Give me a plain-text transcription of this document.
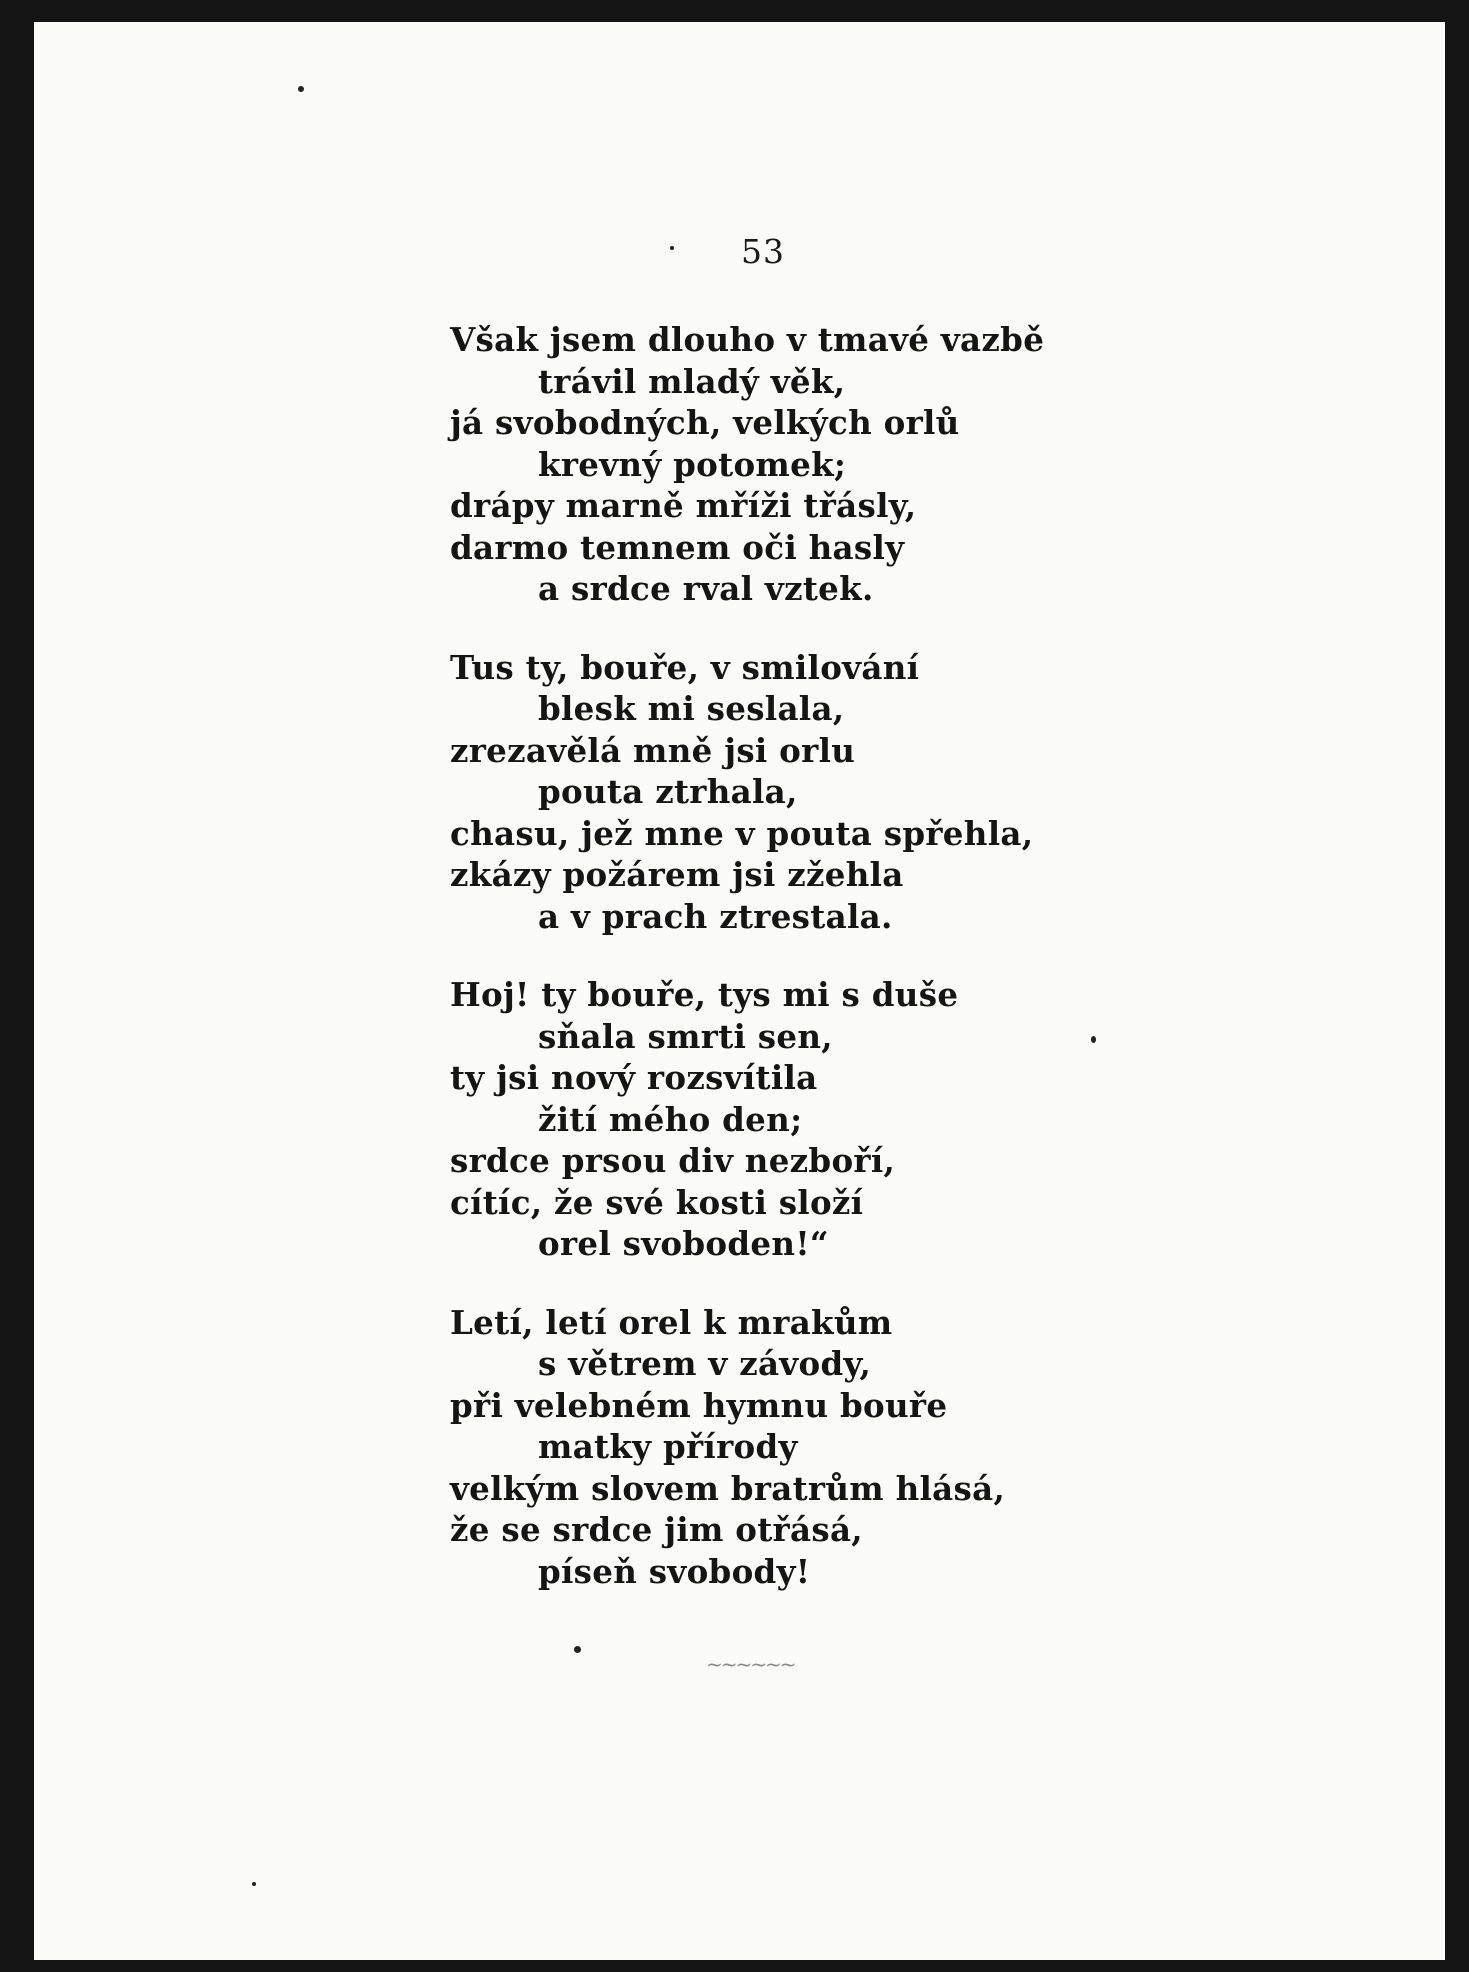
53
Však jsem dlouho v tmavé vazbě
trávil mladý věk,
já svobodných, velkých orlů
krevný potomek;
drápy marně mříži třásly,
darmo temnem oči hasly
a srdce rval vztek.
Tus ty, bouře, v smilování
blesk mi seslala,
zrezavělá mně jsi orlu
pouta ztrhala,
chasu, jež mne v pouta spřehla,
zkázy požárem jsi zžehla
a v prach ztrestala.
Hoj! ty bouře, tys mi s duše
sňala smrti sen,
ty jsi nový rozsvítila
žití mého den;
srdce prsou div nezboří,
cítíc, že své kosti složí
orel svoboden!“
Letí, letí orel k mrakům
s větrem v závody,
při velebném hymnu bouře
matky přírody
velkým slovem bratrům hlásá,
že se srdce jim otřásá,
píseň svobody!
~~~~~~
